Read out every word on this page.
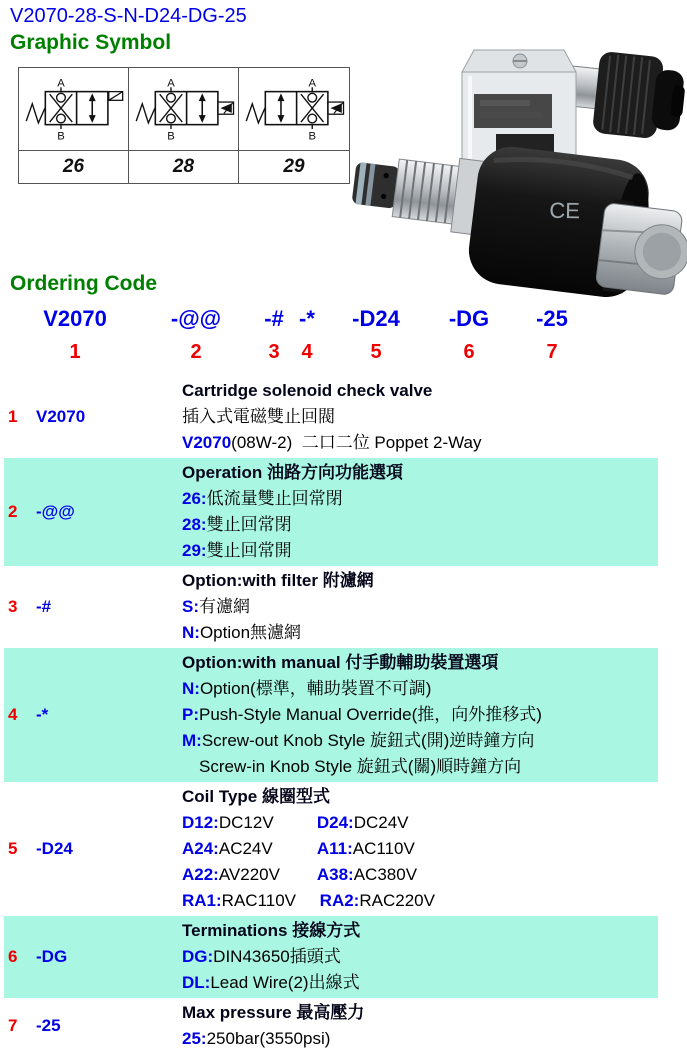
V2070-28-S-N-D24-DG-25
Graphic Symbol
A
B
A
B
A
B
26	28	29
CE
Ordering Code
V2070	-@@ -# -* -D24 -DG -25
1	2	3 4	5	6	7
1	V2070
Cartridge solenoid check valve
插入式電磁雙止回閥
V2070(08W-2)  二口二位 Poppet 2-Way
2	-@@
Operation 油路方向功能選項
26:低流量雙止回常閉
28:雙止回常閉
29:雙止回常開
3	-#
Option:with filter 附濾網
S:有濾網
N:Option無濾網
4	-*
Option:with manual 付手動輔助裝置選項
N:Option(標準，輔助裝置不可調)
P:Push-Style Manual Override(推，向外推移式)
M:Screw-out Knob Style 旋鈕式(開)逆時鐘方向
Screw-in Knob Style 旋鈕式(關)順時鐘方向
5	-D24
Coil Type 線圈型式
D12:DC12V	D24:DC24V
A24:AC24V	A11:AC110V
A22:AV220V A38:AC380V
RA1:RAC110V RA2:RAC220V
6	-DG
Terminations 接線方式
DG:DIN43650插頭式
DL:Lead Wire(2)出線式
7	-25
Max pressure 最高壓力
25:250bar(3550psi)
